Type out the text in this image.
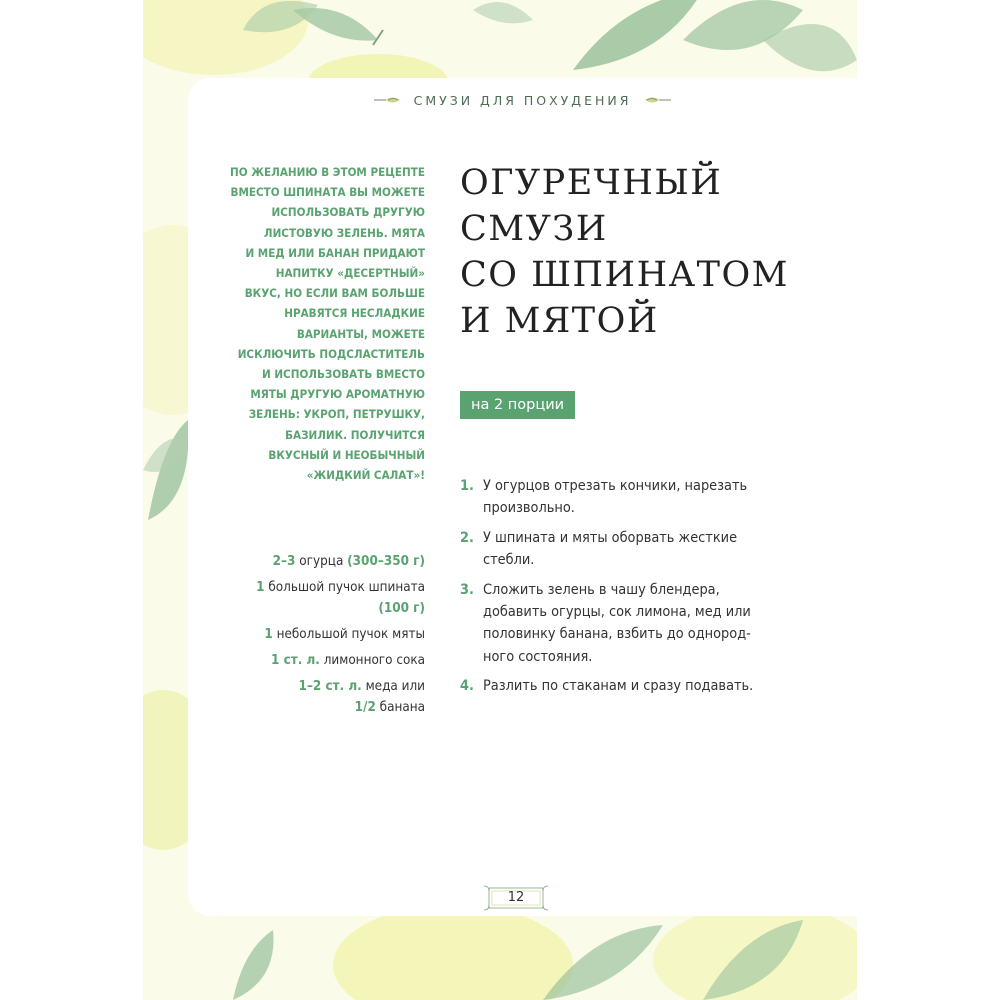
СМУЗИ ДЛЯ ПОХУДЕНИЯ

ПО ЖЕЛАНИЮ В ЭТОМ РЕЦЕПТЕ

ВМЕСТО ШПИНАТА ВЫ МОЖЕТЕ

ИСПОЛЬЗОВАТЬ ДРУГУЮ

ЛИСТОВУЮ ЗЕЛЕНЬ. МЯТА

И МЕД ИЛИ БАНАН ПРИДАЮТ

НАПИТКУ «ДЕСЕРТНЫЙ»

ВКУС, НО ЕСЛИ ВАМ БОЛЬШЕ

НРАВЯТСЯ НЕСЛАДКИЕ

ВАРИАНТЫ, МОЖЕТЕ

ИСКЛЮЧИТЬ ПОДСЛАСТИТЕЛЬ

И ИСПОЛЬЗОВАТЬ ВМЕСТО

МЯТЫ ДРУГУЮ АРОМАТНУЮ

ЗЕЛЕНЬ: УКРОП, ПЕТРУШКУ,

БАЗИЛИК. ПОЛУЧИТСЯ

ВКУСНЫЙ И НЕОБЫЧНЫЙ

«ЖИДКИЙ САЛАТ»!

2–3 огурца (300–350 г)
1 большой пучок шпината
(100 г)
1 небольшой пучок мяты
1 ст. л. лимонного сока
1–2 ст. л. меда или
1/2 банана
ОГУРЕЧНЫЙ
СМУЗИ
СО ШПИНАТОМ
И МЯТОЙ
на 2 порции
1. У огурцов отрезать кончики, нарезать
произвольно.
2. У шпината и мяты оборвать жесткие
стебли.
3. Сложить зелень в чашу блендера,
добавить огурцы, сок лимона, мед или
половинку банана, взбить до однород-
ного состояния.
4. Разлить по стаканам и сразу подавать.
12
